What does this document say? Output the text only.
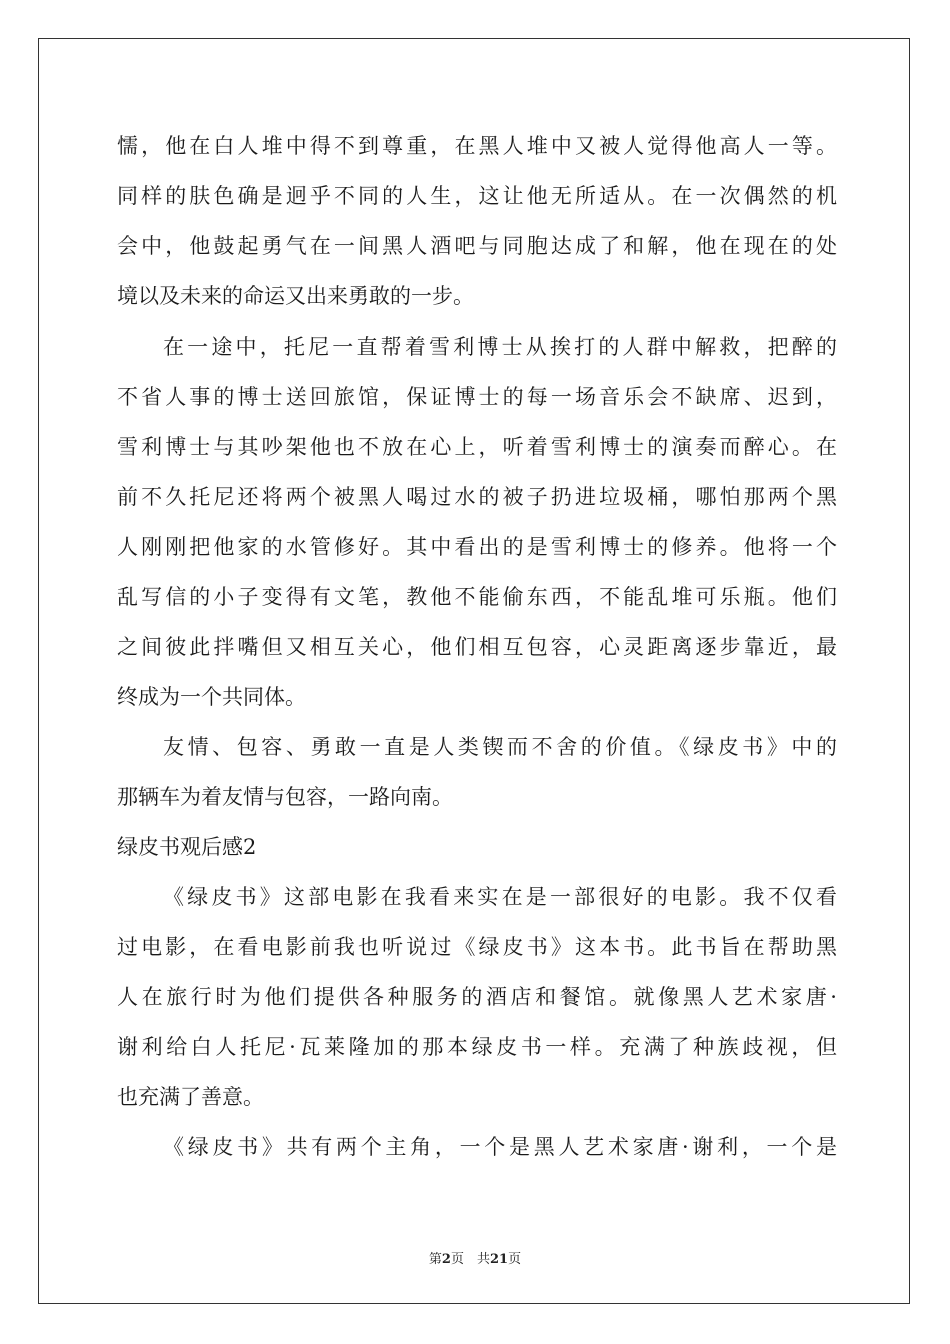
懦，他在白人堆中得不到尊重，在黑人堆中又被人觉得他高人一等。
同样的肤色确是迥乎不同的人生，这让他无所适从。在一次偶然的机
会中，他鼓起勇气在一间黑人酒吧与同胞达成了和解，他在现在的处
境以及未来的命运又出来勇敢的一步。
在一途中，托尼一直帮着雪利博士从挨打的人群中解救，把醉的
不省人事的博士送回旅馆，保证博士的每一场音乐会不缺席、迟到，
雪利博士与其吵架他也不放在心上，听着雪利博士的演奏而醉心。在
前不久托尼还将两个被黑人喝过水的被子扔进垃圾桶，哪怕那两个黑
人刚刚把他家的水管修好。其中看出的是雪利博士的修养。他将一个
乱写信的小子变得有文笔，教他不能偷东西，不能乱堆可乐瓶。他们
之间彼此拌嘴但又相互关心，他们相互包容，心灵距离逐步靠近，最
终成为一个共同体。
友情、包容、勇敢一直是人类锲而不舍的价值。《绿皮书》中的
那辆车为着友情与包容，一路向南。
绿皮书观后感2
《绿皮书》这部电影在我看来实在是一部很好的电影。我不仅看
过电影，在看电影前我也听说过《绿皮书》这本书。此书旨在帮助黑
人在旅行时为他们提供各种服务的酒店和餐馆。就像黑人艺术家唐·
谢利给白人托尼·瓦莱隆加的那本绿皮书一样。充满了种族歧视，但
也充满了善意。
《绿皮书》共有两个主角，一个是黑人艺术家唐·谢利，一个是
第2页　共21页
